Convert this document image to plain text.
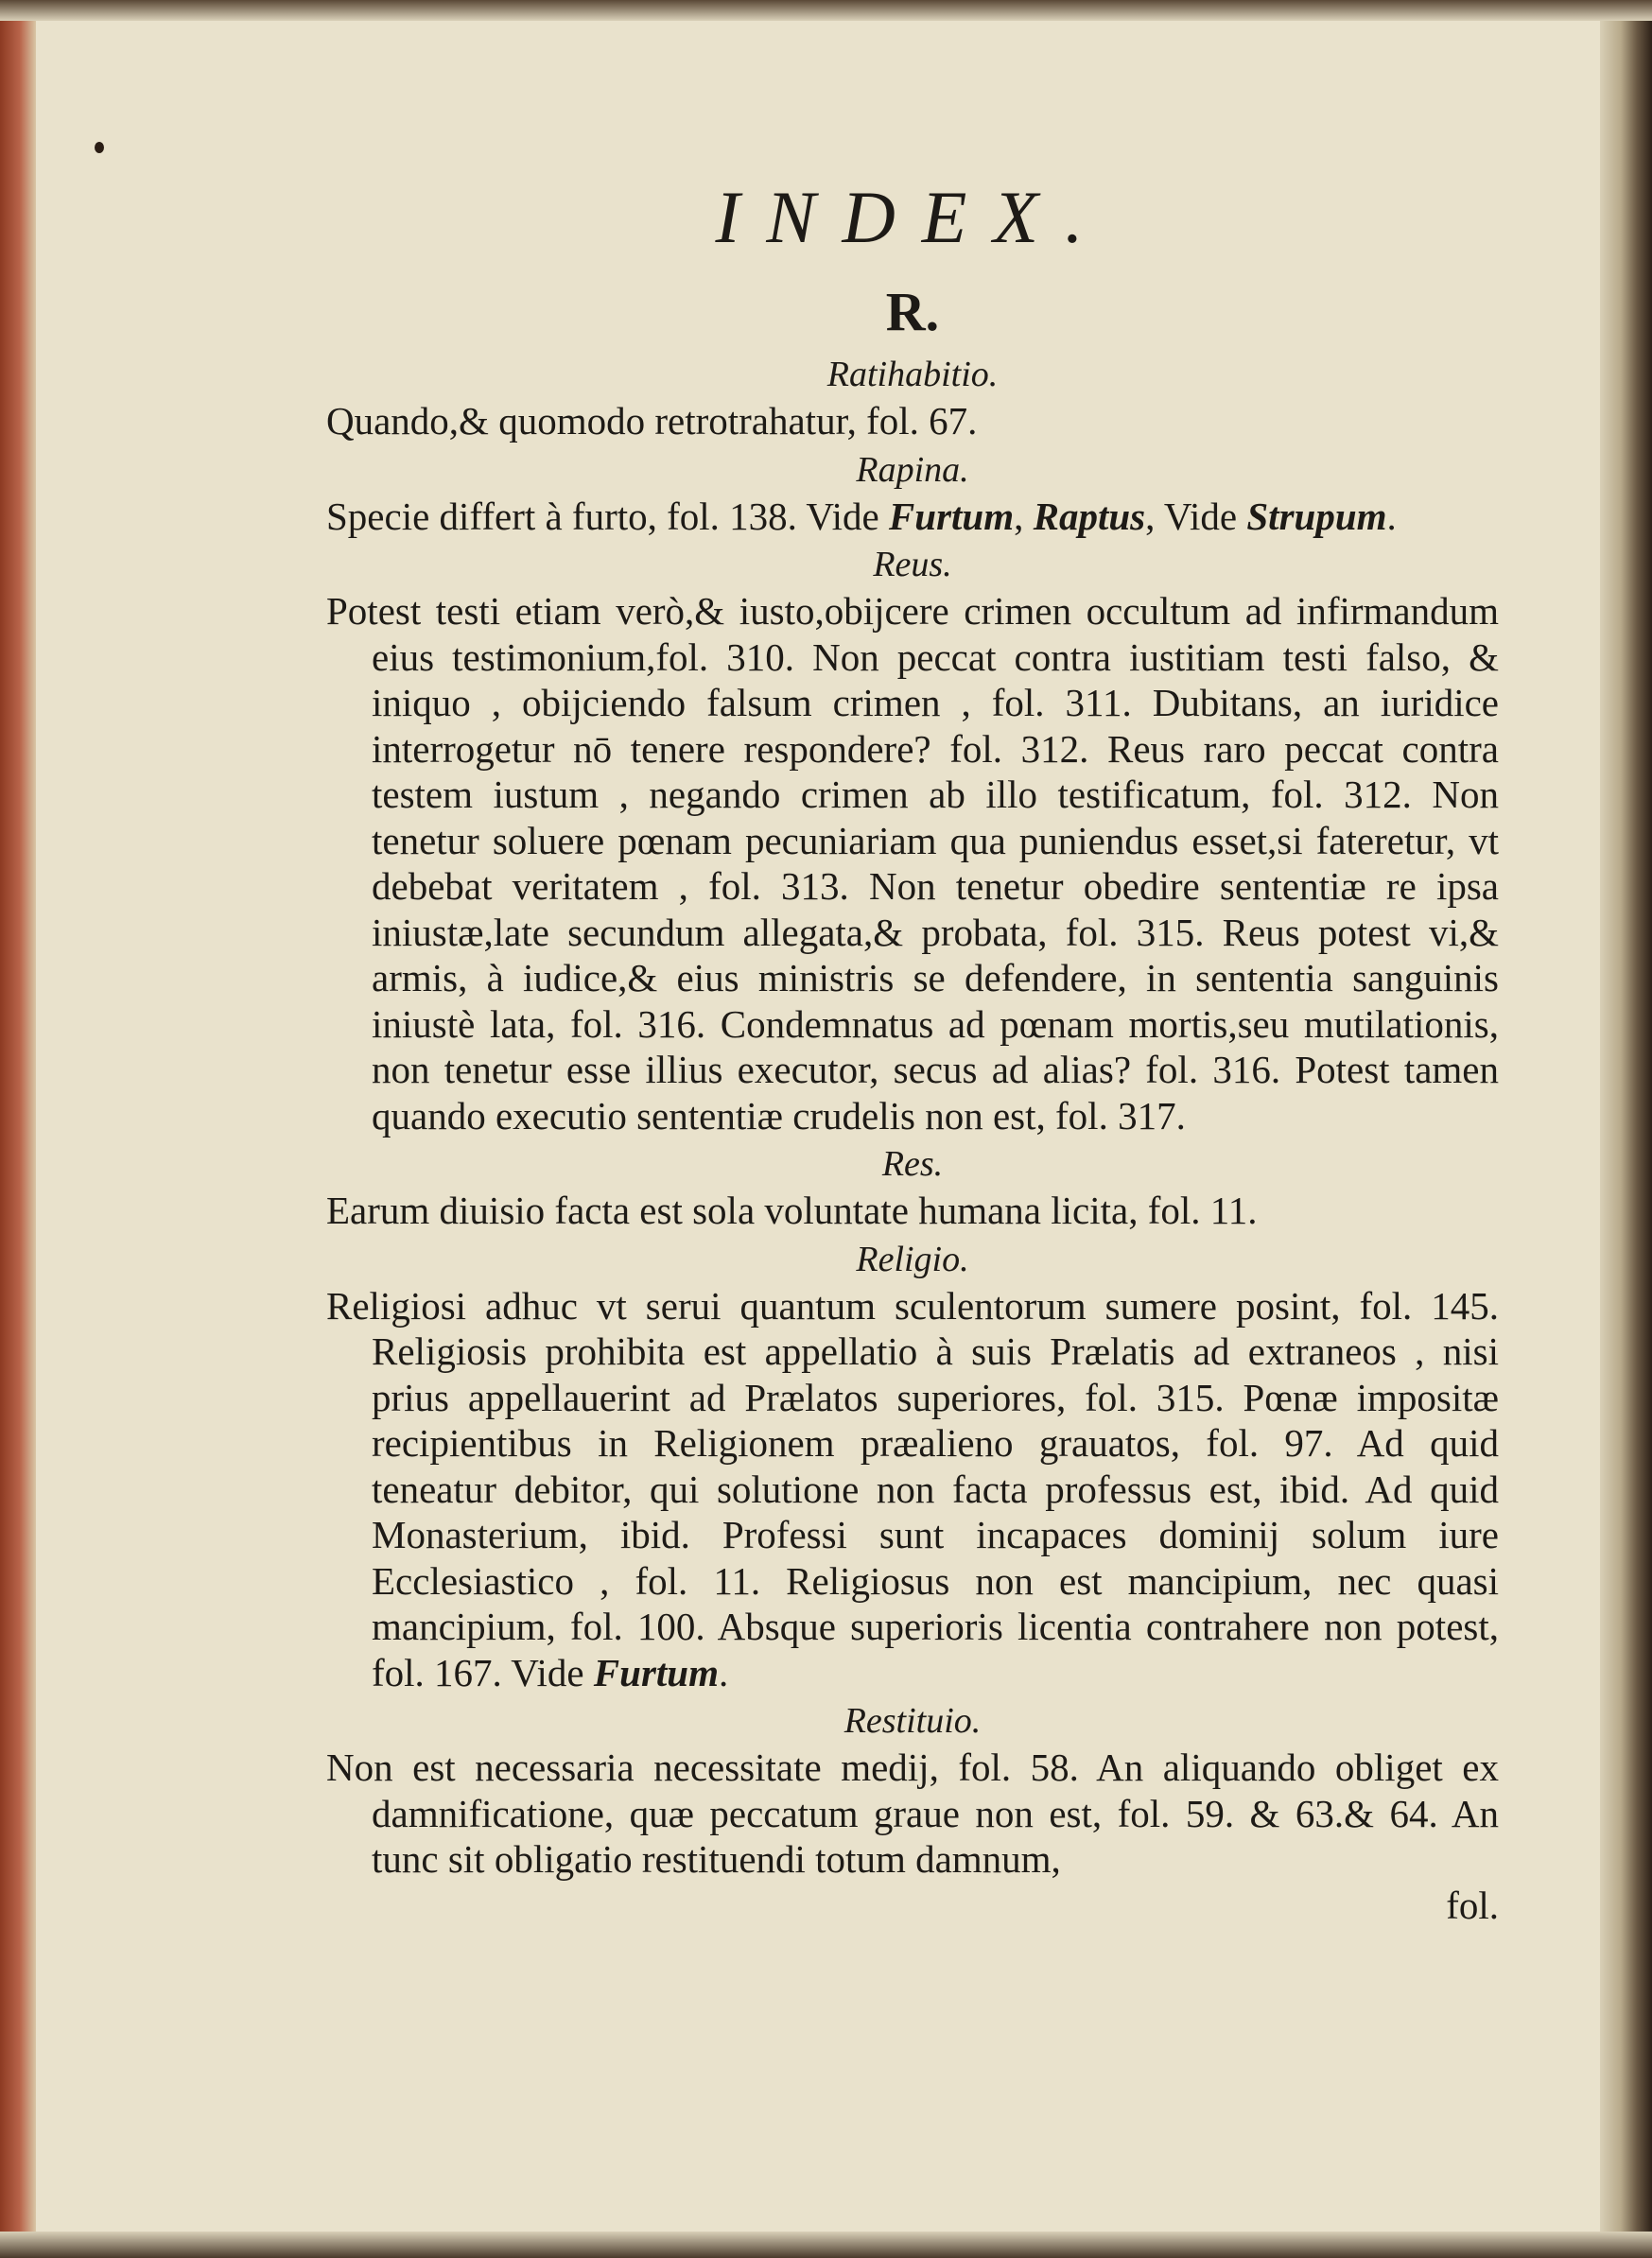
INDEX.
R.
Ratihabitio.

Quando,& quomodo retrotrahatur, fol. 67.

Rapina.

Specie differt à furto, fol. 138. Vide Furtum, Raptus, Vide Strupum.

Reus.

Potest testi etiam verò,& iusto,obijcere crimen occultum ad infirmandum eius testimonium,fol. 310. Non peccat contra iustitiam testi falso, & iniquo , obijciendo falsum crimen , fol. 311. Dubitans, an iuridice interrogetur nō tenere respondere? fol. 312. Reus raro peccat contra testem iustum , negando crimen ab illo testificatum, fol. 312. Non tenetur soluere pœnam pecuniariam qua puniendus esset,si fateretur, vt debebat veritatem , fol. 313. Non tenetur obedire sententiæ re ipsa iniustæ,late secundum allegata,& probata, fol. 315. Reus potest vi,& armis, à iudice,& eius ministris se defendere, in sententia sanguinis iniustè lata, fol. 316. Condemnatus ad pœnam mortis,seu mutilationis, non tenetur esse illius executor, secus ad alias? fol. 316. Potest tamen quando executio sententiæ crudelis non est, fol. 317.

Res.

Earum diuisio facta est sola voluntate humana licita, fol. 11.

Religio.

Religiosi adhuc vt serui quantum sculentorum sumere posint, fol. 145. Religiosis prohibita est appellatio à suis Prælatis ad extraneos , nisi prius appellauerint ad Prælatos superiores, fol. 315. Pœnæ impositæ recipientibus in Religionem præalieno grauatos, fol. 97. Ad quid teneatur debitor, qui solutione non facta professus est, ibid. Ad quid Monasterium, ibid. Professi sunt incapaces dominij solum iure Ecclesiastico , fol. 11. Religiosus non est mancipium, nec quasi mancipium, fol. 100. Absque superioris licentia contrahere non potest, fol. 167. Vide Furtum.

Restituio.

Non est necessaria necessitate medij, fol. 58. An aliquando obliget ex damnificatione, quæ peccatum graue non est, fol. 59. & 63.& 64. An tunc sit obligatio restituendi totum damnum,

fol.
